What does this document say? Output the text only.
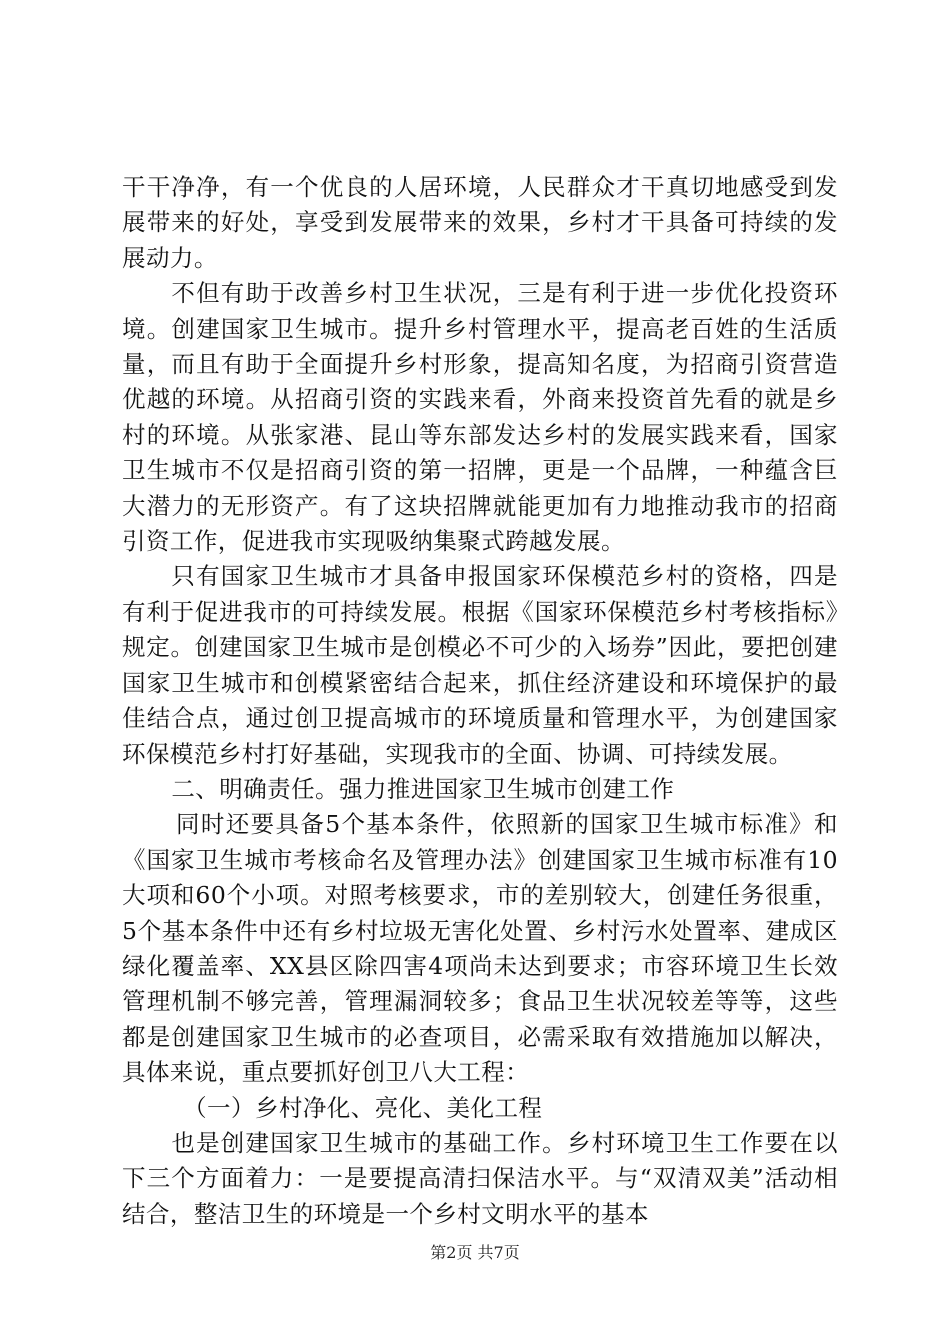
干干净净，有一个优良的人居环境，人民群众才干真切地感受到发展带来的好处，享受到发展带来的效果，乡村才干具备可持续的发展动力。

不但有助于改善乡村卫生状况，三是有利于进一步优化投资环境。创建国家卫生城市。提升乡村管理水平，提高老百姓的生活质量，而且有助于全面提升乡村形象，提高知名度，为招商引资营造优越的环境。从招商引资的实践来看，外商来投资首先看的就是乡村的环境。从张家港、昆山等东部发达乡村的发展实践来看，国家卫生城市不仅是招商引资的第一招牌，更是一个品牌，一种蕴含巨大潜力的无形资产。有了这块招牌就能更加有力地推动我市的招商引资工作，促进我市实现吸纳集聚式跨越发展。

只有国家卫生城市才具备申报国家环保模范乡村的资格，四是有利于促进我市的可持续发展。根据《国家环保模范乡村考核指标》规定。创建国家卫生城市是创模必不可少的入场券”因此，要把创建国家卫生城市和创模紧密结合起来，抓住经济建设和环境保护的最佳结合点，通过创卫提高城市的环境质量和管理水平，为创建国家环保模范乡村打好基础，实现我市的全面、协调、可持续发展。

二、明确责任。强力推进国家卫生城市创建工作

同时还要具备5个基本条件，依照新的国家卫生城市标准》和《国家卫生城市考核命名及管理办法》创建国家卫生城市标准有10大项和60个小项。对照考核要求，市的差别较大，创建任务很重，5个基本条件中还有乡村垃圾无害化处置、乡村污水处置率、建成区绿化覆盖率、XX县区除四害4项尚未达到要求；市容环境卫生长效管理机制不够完善，管理漏洞较多；食品卫生状况较差等等，这些都是创建国家卫生城市的必查项目，必需采取有效措施加以解决，具体来说，重点要抓好创卫八大工程：

（一）乡村净化、亮化、美化工程

也是创建国家卫生城市的基础工作。乡村环境卫生工作要在以下三个方面着力：一是要提高清扫保洁水平。与“双清双美”活动相结合，整洁卫生的环境是一个乡村文明水平的基本

第2页 共7页
